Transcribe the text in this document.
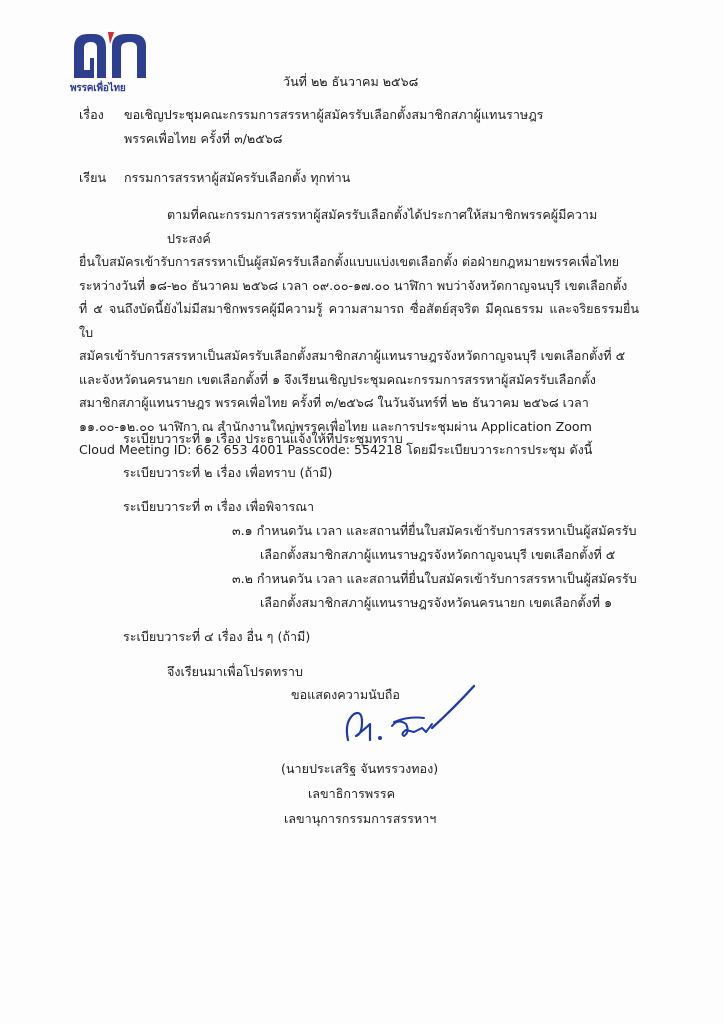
พรรคเพื่อไทย	วันที่ ๒๒ ธันวาคม ๒๕๖๘
เรื่อง ขอเชิญประชุมคณะกรรมการสรรหาผู้สมัครรับเลือกตั้งสมาชิกสภาผู้แทนราษฎร
พรรคเพื่อไทย ครั้งที่ ๓/๒๕๖๘
เรียน กรรมการสรรหาผู้สมัครรับเลือกตั้ง ทุกท่าน
ตามที่คณะกรรมการสรรหาผู้สมัครรับเลือกตั้งได้ประกาศให้สมาชิกพรรคผู้มีความประสงค์
ยื่นใบสมัครเข้ารับการสรรหาเป็นผู้สมัครรับเลือกตั้งแบบแบ่งเขตเลือกตั้ง ต่อฝ่ายกฎหมายพรรคเพื่อไทย
ระหว่างวันที่ ๑๘-๒๐ ธันวาคม ๒๕๖๘ เวลา ๐๙.๐๐-๑๗.๐๐ นาฬิกา พบว่าจังหวัดกาญจนบุรี เขตเลือกตั้ง
ที่ ๕ จนถึงบัดนี้ยังไม่มีสมาชิกพรรคผู้มีความรู้ ความสามารถ ซื่อสัตย์สุจริต มีคุณธรรม และจริยธรรมยื่นใบ
สมัครเข้ารับการสรรหาเป็นสมัครรับเลือกตั้งสมาชิกสภาผู้แทนราษฎรจังหวัดกาญจนบุรี เขตเลือกตั้งที่ ๕
และจังหวัดนครนายก เขตเลือกตั้งที่ ๑ จึงเรียนเชิญประชุมคณะกรรมการสรรหาผู้สมัครรับเลือกตั้ง
สมาชิกสภาผู้แทนราษฎร พรรคเพื่อไทย ครั้งที่ ๓/๒๕๖๘ ในวันจันทร์ที่ ๒๒ ธันวาคม ๒๕๖๘ เวลา
๑๑.๐๐-๑๒.๐๐ นาฬิกา ณ สำนักงานใหญ่พรรคเพื่อไทย และการประชุมผ่าน Application Zoom
Cloud Meeting ID: 662 653 4001 Passcode: 554218 โดยมีระเบียบวาระการประชุม ดังนี้
ระเบียบวาระที่ ๑ เรื่อง ประธานแจ้งให้ที่ประชุมทราบ
ระเบียบวาระที่ ๒ เรื่อง เพื่อทราบ (ถ้ามี)
ระเบียบวาระที่ ๓ เรื่อง เพื่อพิจารณา
๓.๑ กำหนดวัน เวลา และสถานที่ยื่นใบสมัครเข้ารับการสรรหาเป็นผู้สมัครรับ
เลือกตั้งสมาชิกสภาผู้แทนราษฎรจังหวัดกาญจนบุรี เขตเลือกตั้งที่ ๕
๓.๒ กำหนดวัน เวลา และสถานที่ยื่นใบสมัครเข้ารับการสรรหาเป็นผู้สมัครรับ
เลือกตั้งสมาชิกสภาผู้แทนราษฎรจังหวัดนครนายก เขตเลือกตั้งที่ ๑
ระเบียบวาระที่ ๔ เรื่อง อื่น ๆ (ถ้ามี)
จึงเรียนมาเพื่อโปรดทราบ
ขอแสดงความนับถือ
(นายประเสริฐ จันทรรวงทอง)
เลขาธิการพรรค
เลขานุการกรรมการสรรหาฯ
